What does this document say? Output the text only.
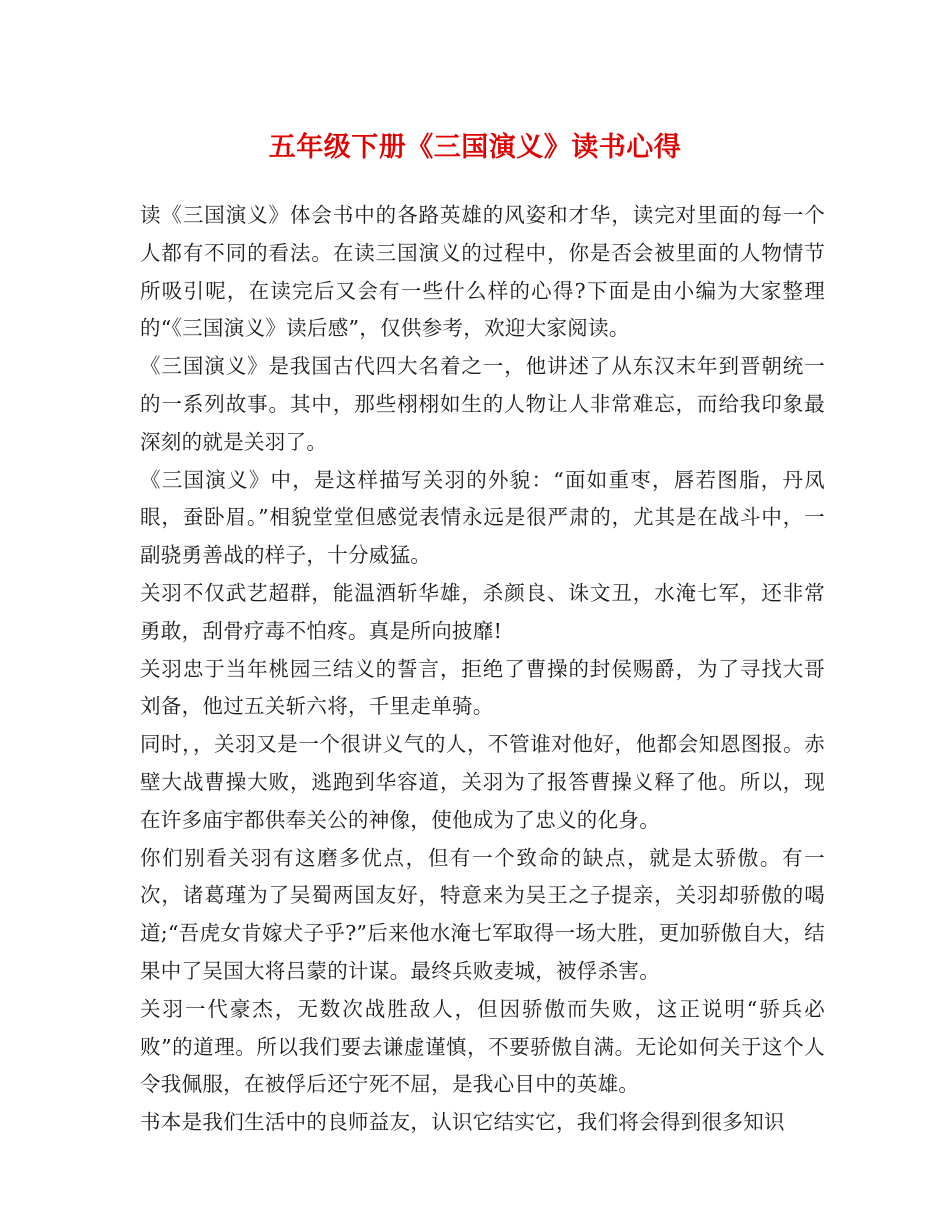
五年级下册《三国演义》读书心得

读《三国演义》体会书中的各路英雄的风姿和才华，读完对里面的每一个人都有不同的看法。在读三国演义的过程中，你是否会被里面的人物情节所吸引呢，在读完后又会有一些什么样的心得?下面是由小编为大家整理的“《三国演义》读后感”，仅供参考，欢迎大家阅读。

《三国演义》是我国古代四大名着之一，他讲述了从东汉末年到晋朝统一的一系列故事。其中，那些栩栩如生的人物让人非常难忘，而给我印象最深刻的就是关羽了。

《三国演义》中，是这样描写关羽的外貌：“面如重枣，唇若图脂，丹凤眼，蚕卧眉。”相貌堂堂但感觉表情永远是很严肃的，尤其是在战斗中，一副骁勇善战的样子，十分威猛。

关羽不仅武艺超群，能温酒斩华雄，杀颜良、诛文丑，水淹七军，还非常勇敢，刮骨疗毒不怕疼。真是所向披靡!

关羽忠于当年桃园三结义的誓言，拒绝了曹操的封侯赐爵，为了寻找大哥刘备，他过五关斩六将，千里走单骑。

同时，，关羽又是一个很讲义气的人，不管谁对他好，他都会知恩图报。赤壁大战曹操大败，逃跑到华容道，关羽为了报答曹操义释了他。所以，现在许多庙宇都供奉关公的神像，使他成为了忠义的化身。

你们别看关羽有这磨多优点，但有一个致命的缺点，就是太骄傲。有一次，诸葛瑾为了吴蜀两国友好，特意来为吴王之子提亲，关羽却骄傲的喝道;“吾虎女肯嫁犬子乎?”后来他水淹七军取得一场大胜，更加骄傲自大，结果中了吴国大将吕蒙的计谋。最终兵败麦城，被俘杀害。

关羽一代豪杰，无数次战胜敌人，但因骄傲而失败，这正说明“骄兵必败”的道理。所以我们要去谦虚谨慎，不要骄傲自满。无论如何关于这个人令我佩服，在被俘后还宁死不屈，是我心目中的英雄。

书本是我们生活中的良师益友，认识它结实它，我们将会得到很多知识
